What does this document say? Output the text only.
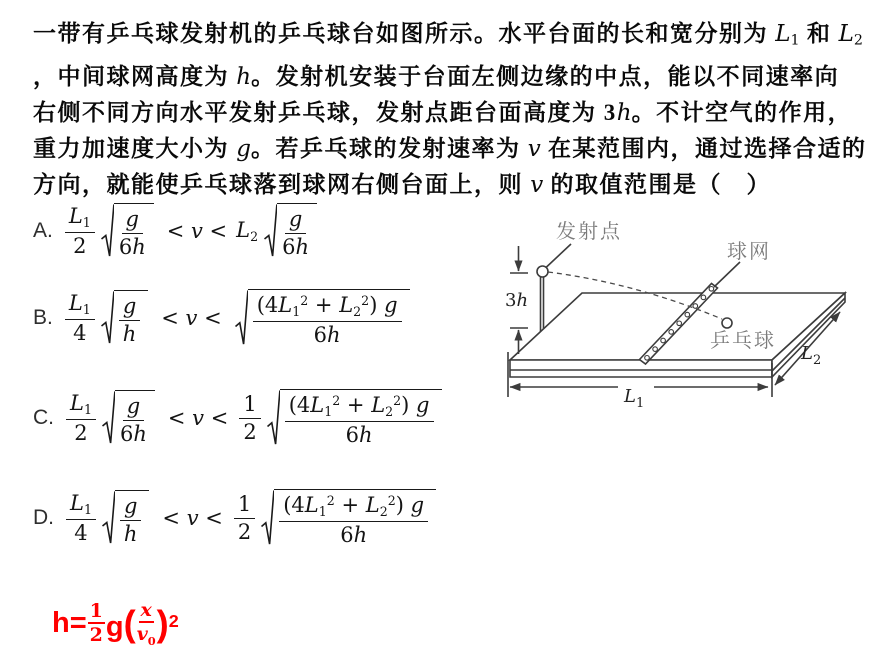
一带有乒乓球发射机的乒乓球台如图所示。水平台面的长和宽分别为 L1 和 L2
，中间球网高度为 h。发射机安装于台面左侧边缘的中点，能以不同速率向
右侧不同方向水平发射乒乓球，发射点距台面高度为 3h。不计空气的作用，
重力加速度大小为 g。若乒乓球的发射速率为 v 在某范围内，通过选择合适的
方向，就能使乒乓球落到球网右侧台面上，则 v 的取值范围是（　）
A. $\frac{L1}{2} \frac{g}{6h} < v < L2 \frac{g}{6h}$
B. $\frac{L1}{4} \frac{g}{h} < v < \frac{(4L1^2 + L2^2) g}{6h}$
C. $\frac{L1}{2} \frac{g}{6h} < v < \frac{1}{2} \frac{(4L1^2 + L2^2) g}{6h}$
D. $\frac{L1}{4} \frac{g}{h} < v < \frac{1}{2} \frac{(4L1^2 + L2^2) g}{6h}$
3h
$L_1$
$L_2$
发射点
球网
乒乓球
$h= \frac{1}{2} g( \frac{x}{v_0} )^2$
